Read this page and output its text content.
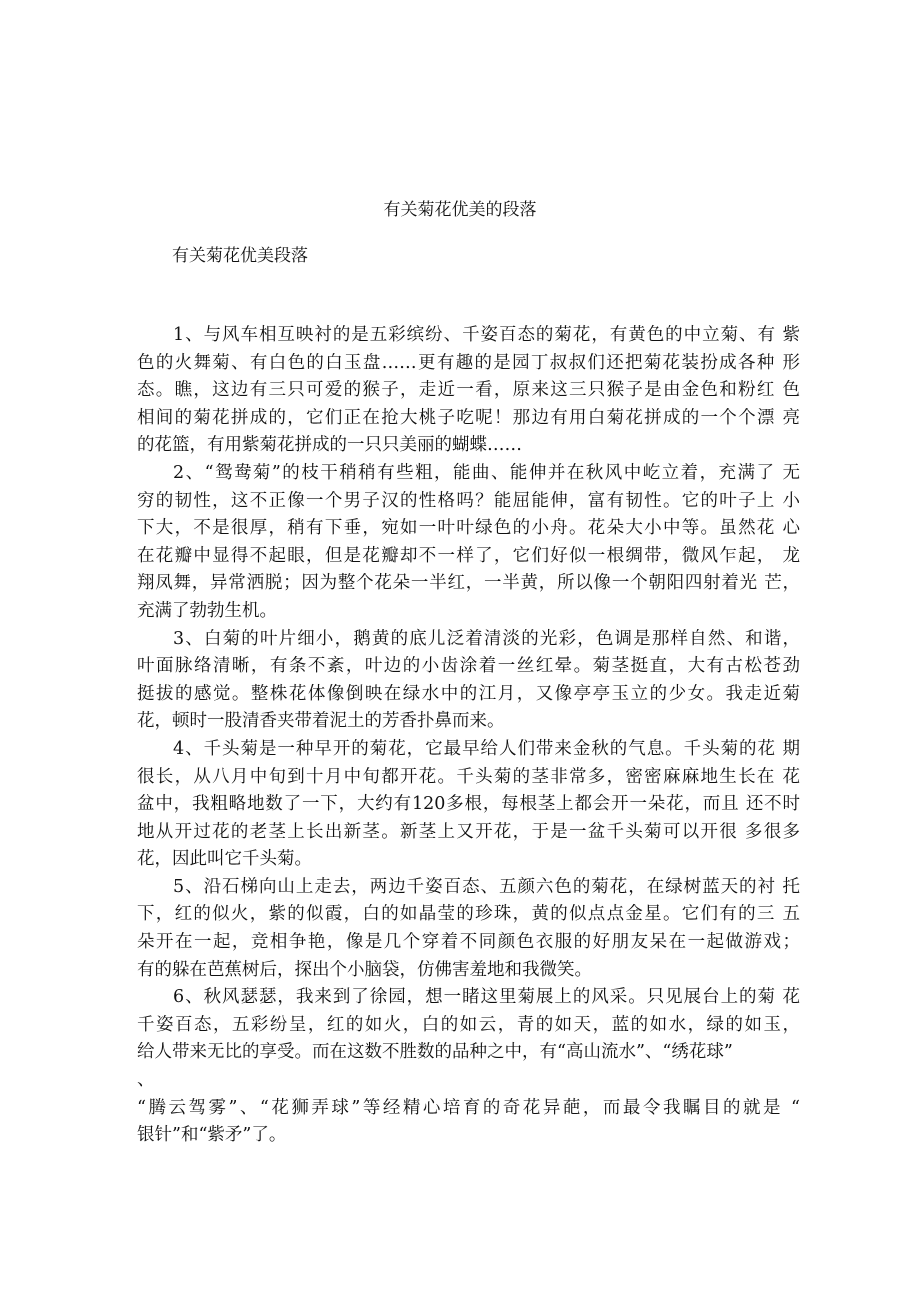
有关菊花优美的段落
有关菊花优美段落
1、与风车相互映衬的是五彩缤纷、千姿百态的菊花，有黄色的中立菊、有 紫
色的火舞菊、有白色的白玉盘……更有趣的是园丁叔叔们还把菊花装扮成各种 形
态。瞧，这边有三只可爱的猴子，走近一看，原来这三只猴子是由金色和粉红 色
相间的菊花拼成的，它们正在抢大桃子吃呢！那边有用白菊花拼成的一个个漂 亮
的花篮，有用紫菊花拼成的一只只美丽的蝴蝶……
2、“鸳鸯菊”的枝干稍稍有些粗，能曲、能伸并在秋风中屹立着，充满了 无
穷的韧性，这不正像一个男子汉的性格吗？能屈能伸，富有韧性。它的叶子上 小
下大，不是很厚，稍有下垂，宛如一叶叶绿色的小舟。花朵大小中等。虽然花 心
在花瓣中显得不起眼，但是花瓣却不一样了，它们好似一根绸带，微风乍起， 龙
翔凤舞，异常洒脱；因为整个花朵一半红，一半黄，所以像一个朝阳四射着光 芒，
充满了勃勃生机。
3、白菊的叶片细小，鹅黄的底儿泛着清淡的光彩，色调是那样自然、和谐，
叶面脉络清晰，有条不紊，叶边的小齿涂着一丝红晕。菊茎挺直，大有古松苍劲
挺拔的感觉。整株花体像倒映在绿水中的江月，又像亭亭玉立的少女。我走近菊
花，顿时一股清香夹带着泥土的芳香扑鼻而来。
4、千头菊是一种早开的菊花，它最早给人们带来金秋的气息。千头菊的花 期
很长，从八月中旬到十月中旬都开花。千头菊的茎非常多，密密麻麻地生长在 花
盆中，我粗略地数了一下，大约有120多根，每根茎上都会开一朵花，而且 还不时
地从开过花的老茎上长出新茎。新茎上又开花，于是一盆千头菊可以开很 多很多
花，因此叫它千头菊。
5、沿石梯向山上走去，两边千姿百态、五颜六色的菊花，在绿树蓝天的衬 托
下，红的似火，紫的似霞，白的如晶莹的珍珠，黄的似点点金星。它们有的三 五
朵开在一起，竞相争艳，像是几个穿着不同颜色衣服的好朋友呆在一起做游戏；
有的躲在芭蕉树后，探出个小脑袋，仿佛害羞地和我微笑。
6、秋风瑟瑟，我来到了徐园，想一睹这里菊展上的风采。只见展台上的菊 花
千姿百态，五彩纷呈，红的如火，白的如云，青的如天，蓝的如水，绿的如玉，
给人带来无比的享受。而在这数不胜数的品种之中，有“高山流水”、“绣花球”
、
“腾云驾雾”、“花狮弄球”等经精心培育的奇花异葩，而最令我瞩目的就是 “
银针”和“紫矛”了。
